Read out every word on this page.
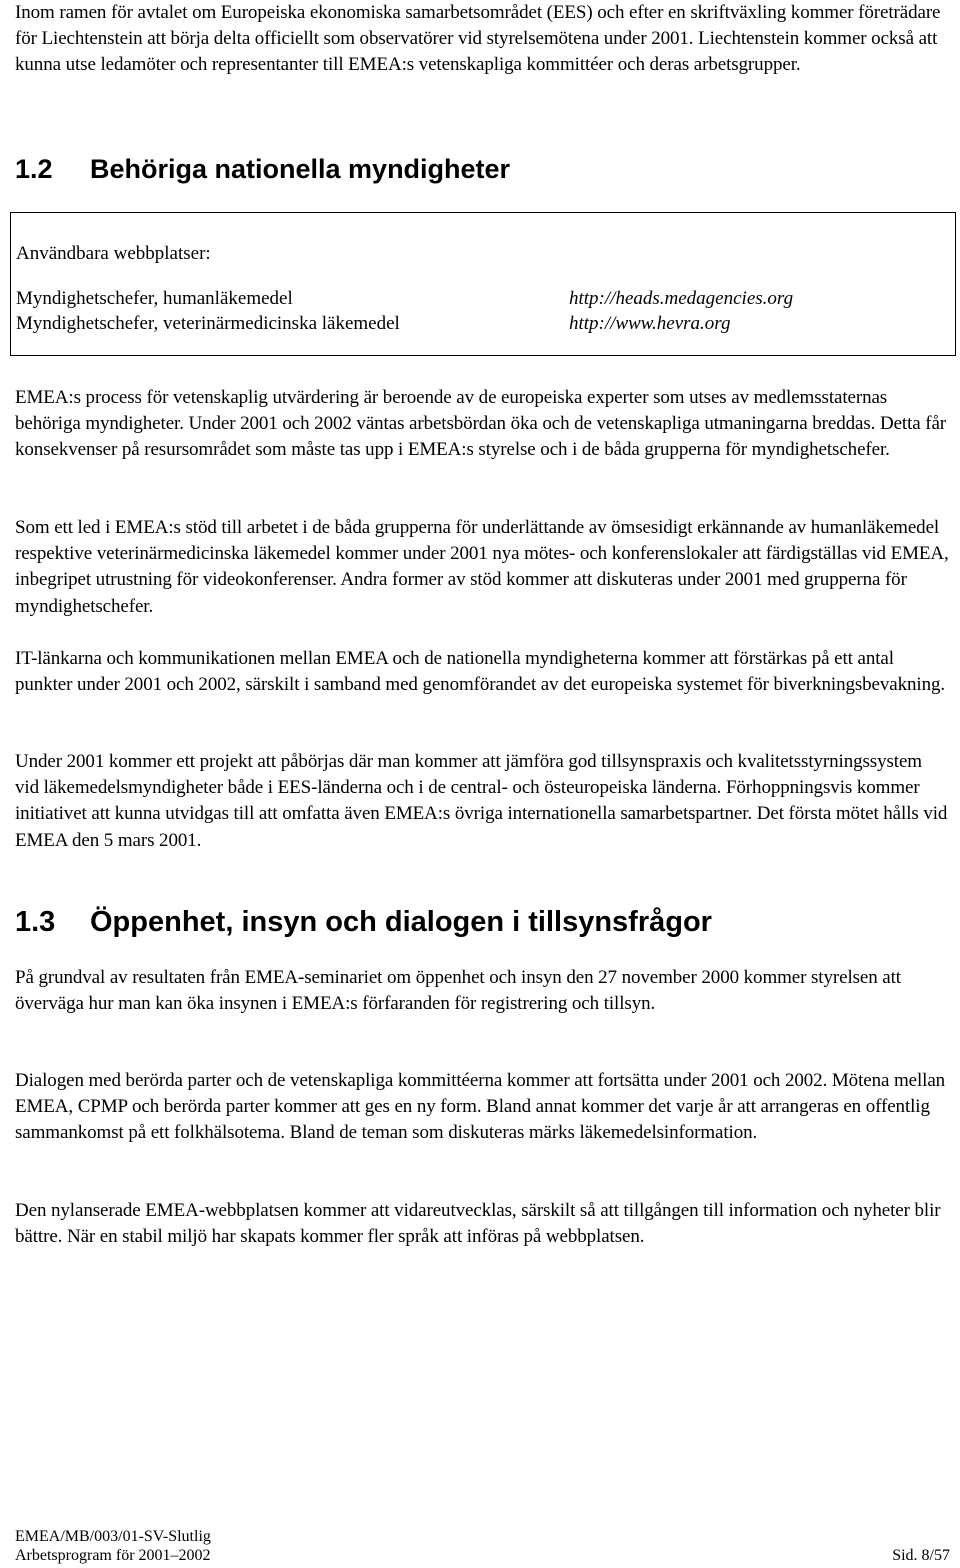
Inom ramen för avtalet om Europeiska ekonomiska samarbetsområdet (EES) och efter en skriftväxling kommer företrädare för Liechtenstein att börja delta officiellt som observatörer vid styrelsemötena under 2001. Liechtenstein kommer också att kunna utse ledamöter och representanter till EMEA:s vetenskapliga kommittéer och deras arbetsgrupper.

1.2 Behöriga nationella myndigheter
Användbara webbplatser:
Myndighetschefer, humanläkemedel	http://heads.medagencies.org
Myndighetschefer, veterinärmedicinska läkemedel	http://www.hevra.org

EMEA:s process för vetenskaplig utvärdering är beroende av de europeiska experter som utses av medlemsstaternas behöriga myndigheter. Under 2001 och 2002 väntas arbetsbördan öka och de vetenskapliga utmaningarna breddas. Detta får konsekvenser på resursområdet som måste tas upp i EMEA:s styrelse och i de båda grupperna för myndighetschefer.

Som ett led i EMEA:s stöd till arbetet i de båda grupperna för underlättande av ömsesidigt erkännande av humanläkemedel respektive veterinärmedicinska läkemedel kommer under 2001 nya mötes- och konferenslokaler att färdigställas vid EMEA, inbegripet utrustning för videokonferenser. Andra former av stöd kommer att diskuteras under 2001 med grupperna för myndighetschefer.

IT-länkarna och kommunikationen mellan EMEA och de nationella myndigheterna kommer att förstärkas på ett antal punkter under 2001 och 2002, särskilt i samband med genomförandet av det europeiska systemet för biverkningsbevakning.

Under 2001 kommer ett projekt att påbörjas där man kommer att jämföra god tillsynspraxis och kvalitetsstyrningssystem vid läkemedelsmyndigheter både i EES-länderna och i de central- och östeuropeiska länderna. Förhoppningsvis kommer initiativet att kunna utvidgas till att omfatta även EMEA:s övriga internationella samarbetspartner. Det första mötet hålls vid EMEA den 5 mars 2001.

1.3 Öppenhet, insyn och dialogen i tillsynsfrågor

På grundval av resultaten från EMEA-seminariet om öppenhet och insyn den 27 november 2000 kommer styrelsen att överväga hur man kan öka insynen i EMEA:s förfaranden för registrering och tillsyn.

Dialogen med berörda parter och de vetenskapliga kommittéerna kommer att fortsätta under 2001 och 2002. Mötena mellan EMEA, CPMP och berörda parter kommer att ges en ny form. Bland annat kommer det varje år att arrangeras en offentlig sammankomst på ett folkhälsotema. Bland de teman som diskuteras märks läkemedelsinformation.

Den nylanserade EMEA-webbplatsen kommer att vidareutvecklas, särskilt så att tillgången till information och nyheter blir bättre. När en stabil miljö har skapats kommer fler språk att införas på webbplatsen.

EMEA/MB/003/01-SV-Slutlig
Arbetsprogram för 2001–2002	Sid. 8/57
